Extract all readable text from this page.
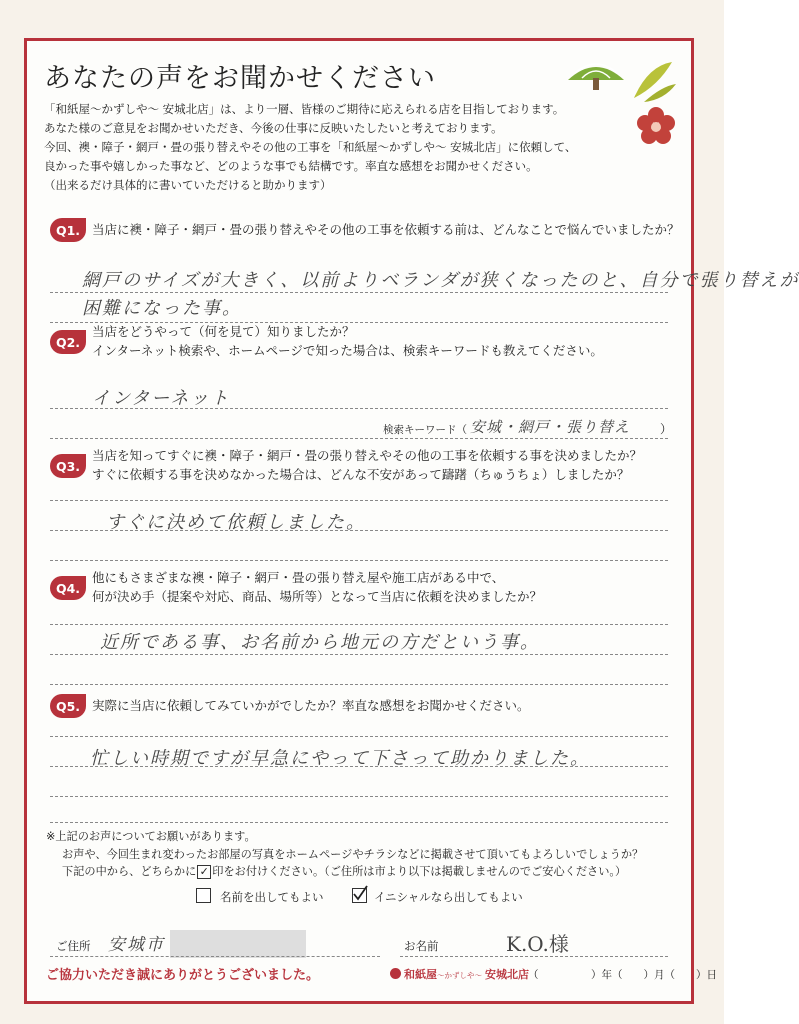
あなたの声をお聞かせください
「和紙屋〜かずしや〜 安城北店」は、より一層、皆様のご期待に応えられる店を目指しております。
あなた様のご意見をお聞かせいただき、今後の仕事に反映いたしたいと考えております。
今回、襖・障子・網戸・畳の張り替えやその他の工事を「和紙屋〜かずしや〜 安城北店」に依頼して、
良かった事や嬉しかった事など、どのような事でも結構です。率直な感想をお聞かせください。
（出来るだけ具体的に書いていただけると助かります）
Q1. 当店に襖・障子・網戸・畳の張り替えやその他の工事を依頼する前は、どんなことで悩んでいましたか？
網戸のサイズが大きく、以前よりベランダが狭くなったのと、自分で張り替えが
困難になった事。
Q2.
当店をどうやって（何を見て）知りましたか？
インターネット検索や、ホームページで知った場合は、検索キーワードも教えてください。
インターネット
検索キーワード（ 安城・網戸・張り替え ）
Q3.
当店を知ってすぐに襖・障子・網戸・畳の張り替えやその他の工事を依頼する事を決めましたか？
すぐに依頼する事を決めなかった場合は、どんな不安があって躊躇（ちゅうちょ）しましたか？
すぐに決めて依頼しました。
Q4.
他にもさまざまな襖・障子・網戸・畳の張り替え屋や施工店がある中で、
何が決め手（提案や対応、商品、場所等）となって当店に依頼を決めましたか？
近所である事、お名前から地元の方だという事。
Q5. 実際に当店に依頼してみていかがでしたか？率直な感想をお聞かせください。
忙しい時期ですが早急にやって下さって助かりました。
※上記のお声についてお願いがあります。
お声や、今回生まれ変わったお部屋の写真をホームページやチラシなどに掲載させて頂いてもよろしいでしょうか？
下記の中から、どちらかに ✓ 印をお付けください。（ご住所は市より以下は掲載しませんのでご安心ください。）
名前を出してもよい	イニシャルなら出してもよい
ご住所 安城市	お名前	K.O.様
ご協力いただき誠にありがとうございました。	和紙屋〜かずしや〜 安城北店 （　　　　　）年（　　）月（　　）日
